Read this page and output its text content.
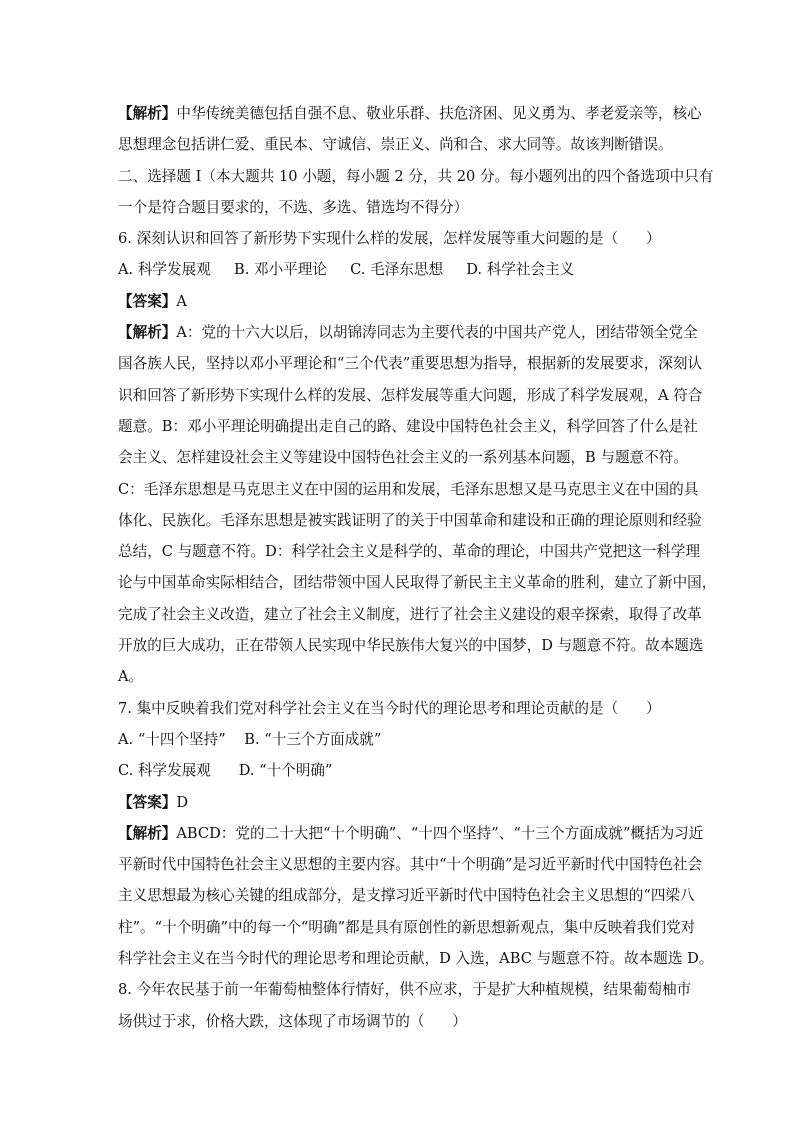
【解析】中华传统美德包括自强不息、敬业乐群、扶危济困、见义勇为、孝老爱亲等，核心

思想理念包括讲仁爱、重民本、守诚信、崇正义、尚和合、求大同等。故该判断错误。

二、选择题 I（本大题共 10 小题，每小题 2 分，共 20 分。每小题列出的四个备选项中只有

一个是符合题目要求的，不选、多选、错选均不得分）

6. 深刻认识和回答了新形势下实现什么样的发展，怎样发展等重大问题的是（      ）

A. 科学发展观     B. 邓小平理论     C. 毛泽东思想     D. 科学社会主义

【答案】A

【解析】A：党的十六大以后，以胡锦涛同志为主要代表的中国共产党人，团结带领全党全

国各族人民，坚持以邓小平理论和“三个代表”重要思想为指导，根据新的发展要求，深刻认

识和回答了新形势下实现什么样的发展、怎样发展等重大问题，形成了科学发展观，A 符合

题意。B：邓小平理论明确提出走自己的路、建设中国特色社会主义，科学回答了什么是社

会主义、怎样建设社会主义等建设中国特色社会主义的一系列基本问题，B 与题意不符。

C：毛泽东思想是马克思主义在中国的运用和发展，毛泽东思想又是马克思主义在中国的具

体化、民族化。毛泽东思想是被实践证明了的关于中国革命和建设和正确的理论原则和经验

总结，C 与题意不符。D：科学社会主义是科学的、革命的理论，中国共产党把这一科学理

论与中国革命实际相结合，团结带领中国人民取得了新民主主义革命的胜利，建立了新中国，

完成了社会主义改造，建立了社会主义制度，进行了社会主义建设的艰辛探索，取得了改革

开放的巨大成功，正在带领人民实现中华民族伟大复兴的中国梦，D 与题意不符。故本题选

A。

7. 集中反映着我们党对科学社会主义在当今时代的理论思考和理论贡献的是（      ）

A. “十四个坚持”    B. “十三个方面成就”

C. 科学发展观      D. “十个明确”

【答案】D

【解析】ABCD：党的二十大把“十个明确”、“十四个坚持”、“十三个方面成就”概括为习近

平新时代中国特色社会主义思想的主要内容。其中“十个明确”是习近平新时代中国特色社会

主义思想最为核心关键的组成部分，是支撑习近平新时代中国特色社会主义思想的“四梁八

柱”。“十个明确”中的每一个“明确”都是具有原创性的新思想新观点，集中反映着我们党对

科学社会主义在当今时代的理论思考和理论贡献，D 入选，ABC 与题意不符。故本题选 D。

8. 今年农民基于前一年葡萄柚整体行情好，供不应求，于是扩大种植规模，结果葡萄柚市

场供过于求，价格大跌，这体现了市场调节的（      ）
